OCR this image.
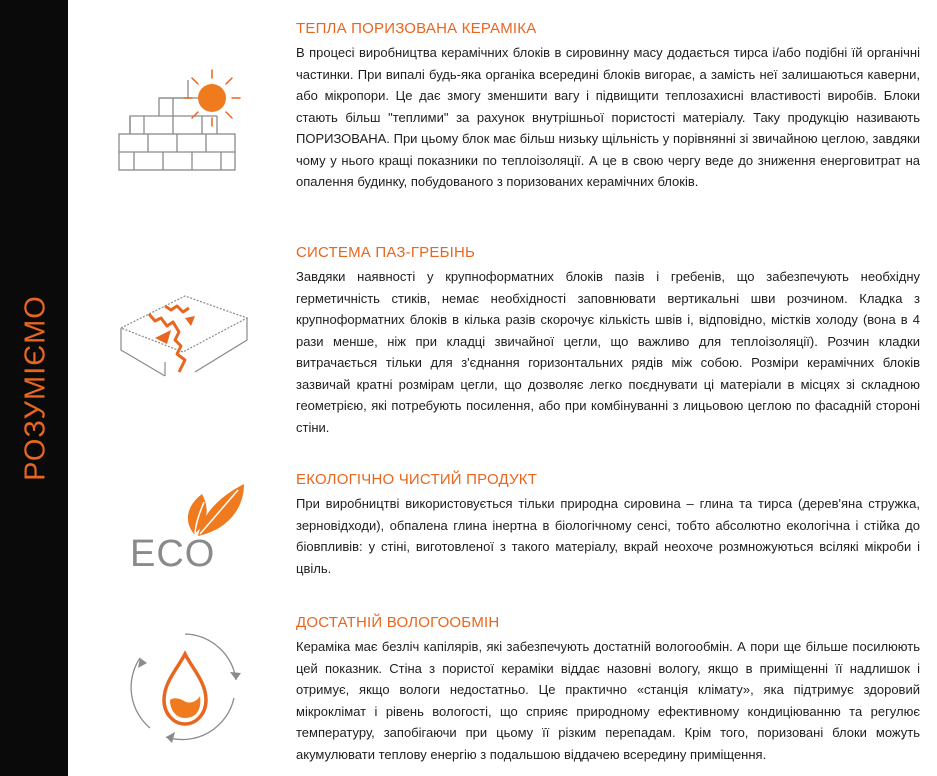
РОЗУМІЄМО
ECO
ТЕПЛА ПОРИЗОВАНА КЕРАМІКА

В процесі виробництва керамічних блоків в сировинну масу додається тирса і/або подібні їй органічні частинки. При випалі будь-яка органіка всередині блоків вигорає, а замість неї залишаються каверни, або мікропори. Це дає змогу зменшити вагу і підвищити теплозахисні властивості виробів. Блоки стають більш "теплими" за рахунок внутрішньої пористості матеріалу. Таку продукцію називають ПОРИЗОВАНА. При цьому блок має більш низьку щільність у порівнянні зі звичайною цеглою, завдяки чому у нього кращі показники по теплоізоляції. А це в свою чергу веде до зниження енерговитрат на опалення будинку, побудованого з поризованих керамічних блоків.

СИСТЕМА ПАЗ-ГРЕБІНЬ

Завдяки наявності у крупноформатних блоків пазів і гребенів, що забезпечують необхідну герметичність стиків, немає необхідності заповнювати вертикальні шви розчином. Кладка з крупноформатних блоків в кілька разів скорочує кількість швів і, відповідно, містків холоду (вона в 4 рази менше, ніж при кладці звичайної цегли, що важливо для теплоізоляції). Розчин кладки витрачається тільки для з'єднання горизонтальних рядів між собою. Розміри керамічних блоків зазвичай кратні розмірам цегли, що дозволяє легко поєднувати ці матеріали в місцях зі складною геометрією, які потребують посилення, або при комбінуванні з лицьовою цеглою по фасадній стороні стіни.

ЕКОЛОГІЧНО ЧИСТИЙ ПРОДУКТ

При виробництві використовується тільки природна сировина – глина та тирса (дерев'яна стружка, зерновідходи), обпалена глина інертна в біологічному сенсі, тобто абсолютно екологічна і стійка до біовпливів: у стіні, виготовленої з такого матеріалу, вкрай неохоче розмножуються всілякі мікроби і цвіль.

ДОСТАТНІЙ ВОЛОГООБМІН

Кераміка має безліч капілярів, які забезпечують достатній вологообмін. А пори ще більше посилюють цей показник. Стіна з пористої кераміки віддає назовні вологу, якщо в приміщенні її надлишок і отримує, якщо вологи недостатньо. Це практично «станція клімату», яка підтримує здоровий мікроклімат і рівень вологості, що сприяє природному ефективному кондиціюванню та регулює температуру, запобігаючи при цьому її різким перепадам. Крім того, поризовані блоки можуть акумулювати теплову енергію з подальшою віддачею всередину приміщення.
